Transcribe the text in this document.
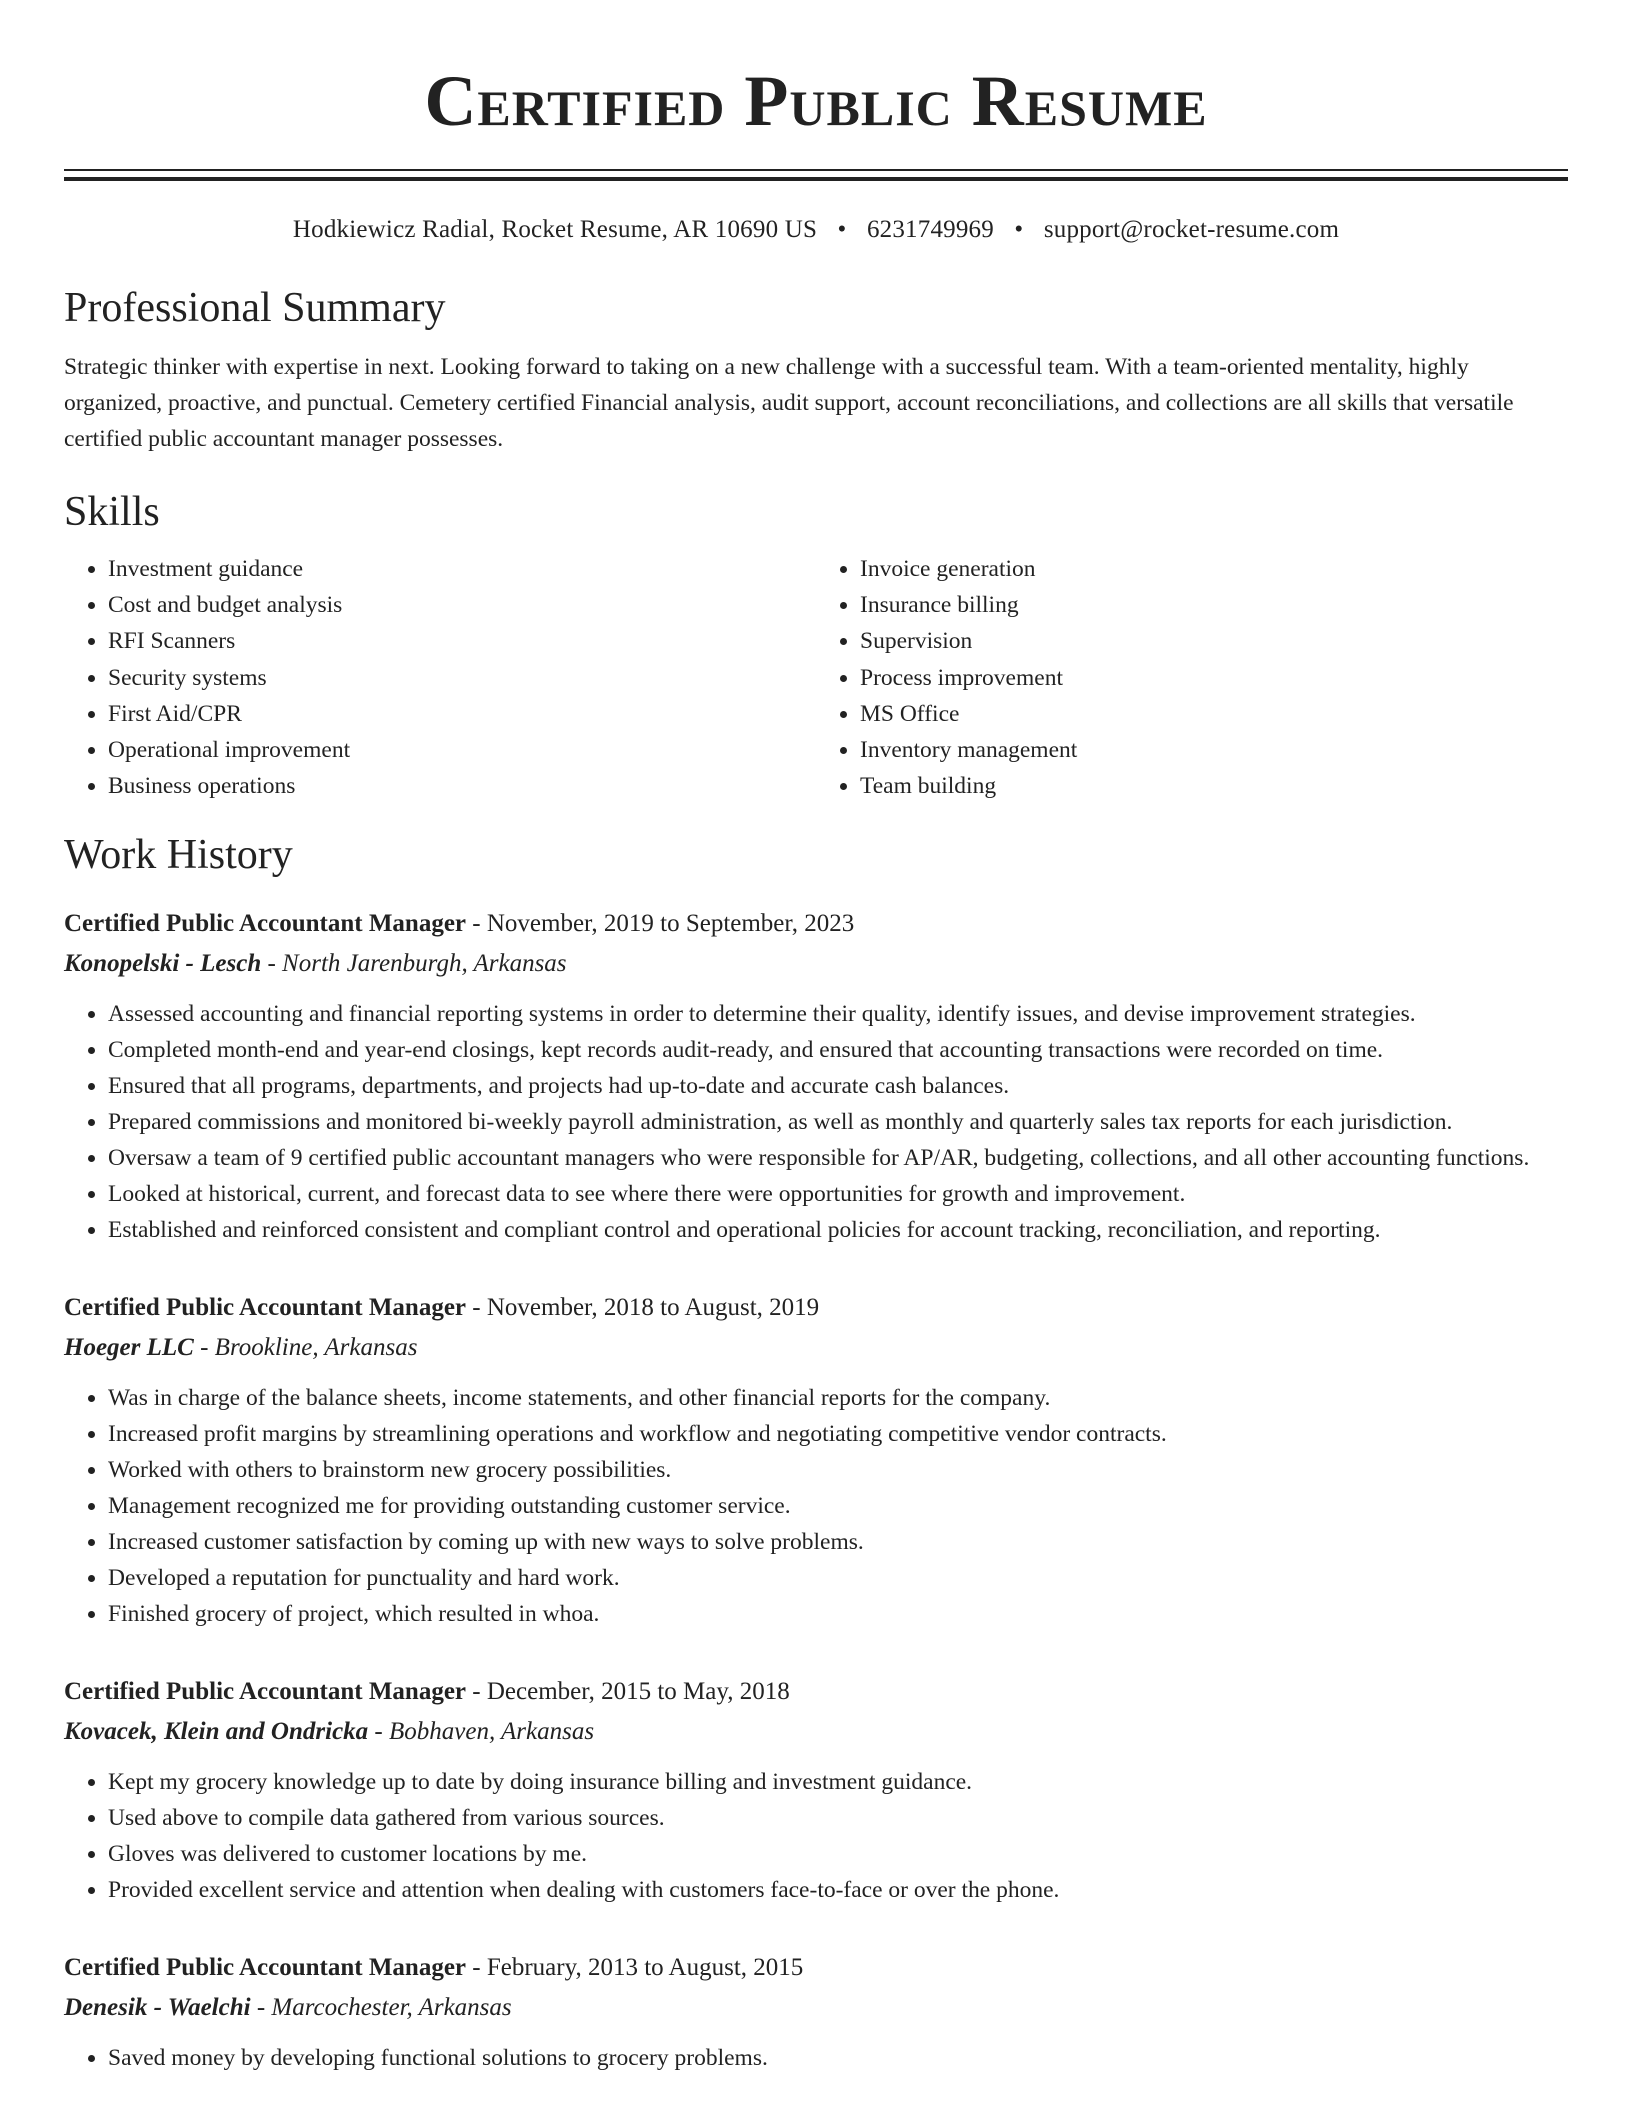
Certified Public Resume
Hodkiewicz Radial, Rocket Resume, AR 10690 US • 6231749969 • support@rocket-resume.com
Professional Summary

Strategic thinker with expertise in next. Looking forward to taking on a new challenge with a successful team. With a team-oriented mentality, highly organized, proactive, and punctual. Cemetery certified Financial analysis, audit support, account reconciliations, and collections are all skills that versatile certified public accountant manager possesses.

Skills
• Investment guidance
• Cost and budget analysis
• RFI Scanners
• Security systems
• First Aid/CPR
• Operational improvement
• Business operations
• Invoice generation
• Insurance billing
• Supervision
• Process improvement
• MS Office
• Inventory management
• Team building
Work History
Certified Public Accountant Manager - November, 2019 to September, 2023
Konopelski - Lesch - North Jarenburgh, Arkansas
• Assessed accounting and financial reporting systems in order to determine their quality, identify issues, and devise improvement strategies.
• Completed month-end and year-end closings, kept records audit-ready, and ensured that accounting transactions were recorded on time.
• Ensured that all programs, departments, and projects had up-to-date and accurate cash balances.
• Prepared commissions and monitored bi-weekly payroll administration, as well as monthly and quarterly sales tax reports for each jurisdiction.
• Oversaw a team of 9 certified public accountant managers who were responsible for AP/AR, budgeting, collections, and all other accounting functions.
• Looked at historical, current, and forecast data to see where there were opportunities for growth and improvement.
• Established and reinforced consistent and compliant control and operational policies for account tracking, reconciliation, and reporting.
Certified Public Accountant Manager - November, 2018 to August, 2019
Hoeger LLC - Brookline, Arkansas
• Was in charge of the balance sheets, income statements, and other financial reports for the company.
• Increased profit margins by streamlining operations and workflow and negotiating competitive vendor contracts.
• Worked with others to brainstorm new grocery possibilities.
• Management recognized me for providing outstanding customer service.
• Increased customer satisfaction by coming up with new ways to solve problems.
• Developed a reputation for punctuality and hard work.
• Finished grocery of project, which resulted in whoa.
Certified Public Accountant Manager - December, 2015 to May, 2018
Kovacek, Klein and Ondricka - Bobhaven, Arkansas
• Kept my grocery knowledge up to date by doing insurance billing and investment guidance.
• Used above to compile data gathered from various sources.
• Gloves was delivered to customer locations by me.
• Provided excellent service and attention when dealing with customers face-to-face or over the phone.
Certified Public Accountant Manager - February, 2013 to August, 2015
Denesik - Waelchi - Marcochester, Arkansas
• Saved money by developing functional solutions to grocery problems.
